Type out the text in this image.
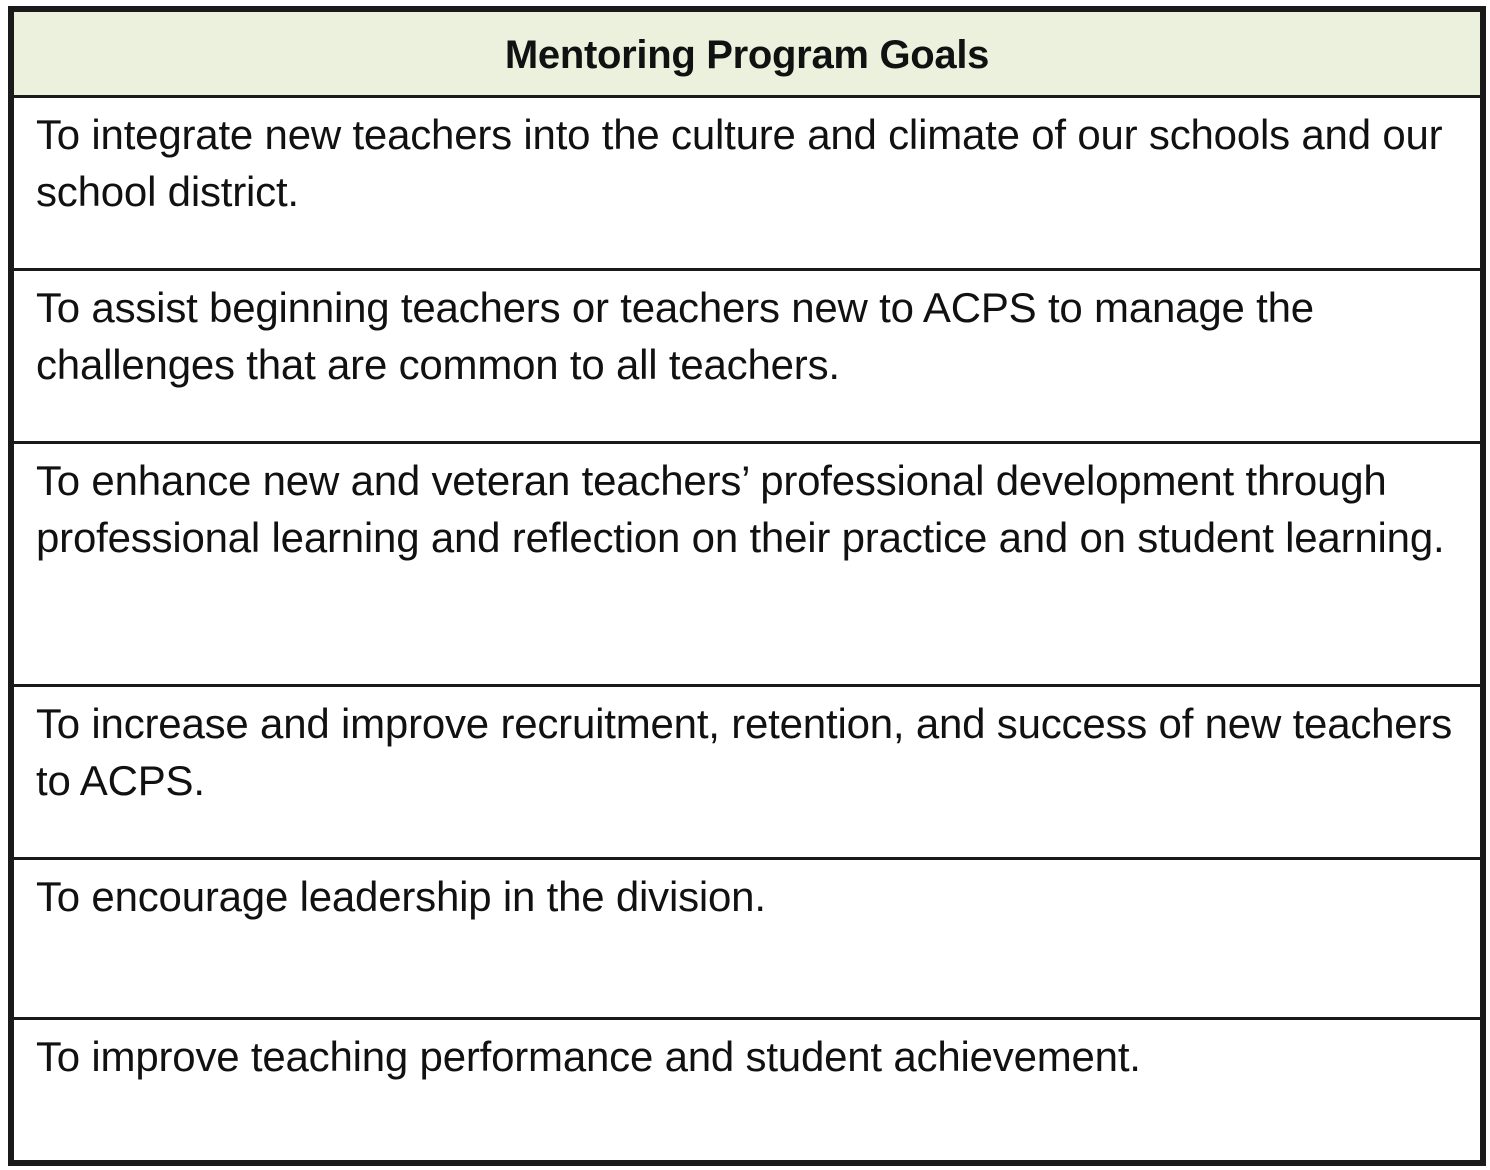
Mentoring Program Goals
To integrate new teachers into the culture and climate of our schools and our school district.
To assist beginning teachers or teachers new to ACPS to manage the challenges that are common to all teachers.
To enhance new and veteran teachers’ professional development through professional learning and reflection on their practice and on student learning.
To increase and improve recruitment, retention, and success of new teachers to ACPS.
To encourage leadership in the division.
To improve teaching performance and student achievement.
